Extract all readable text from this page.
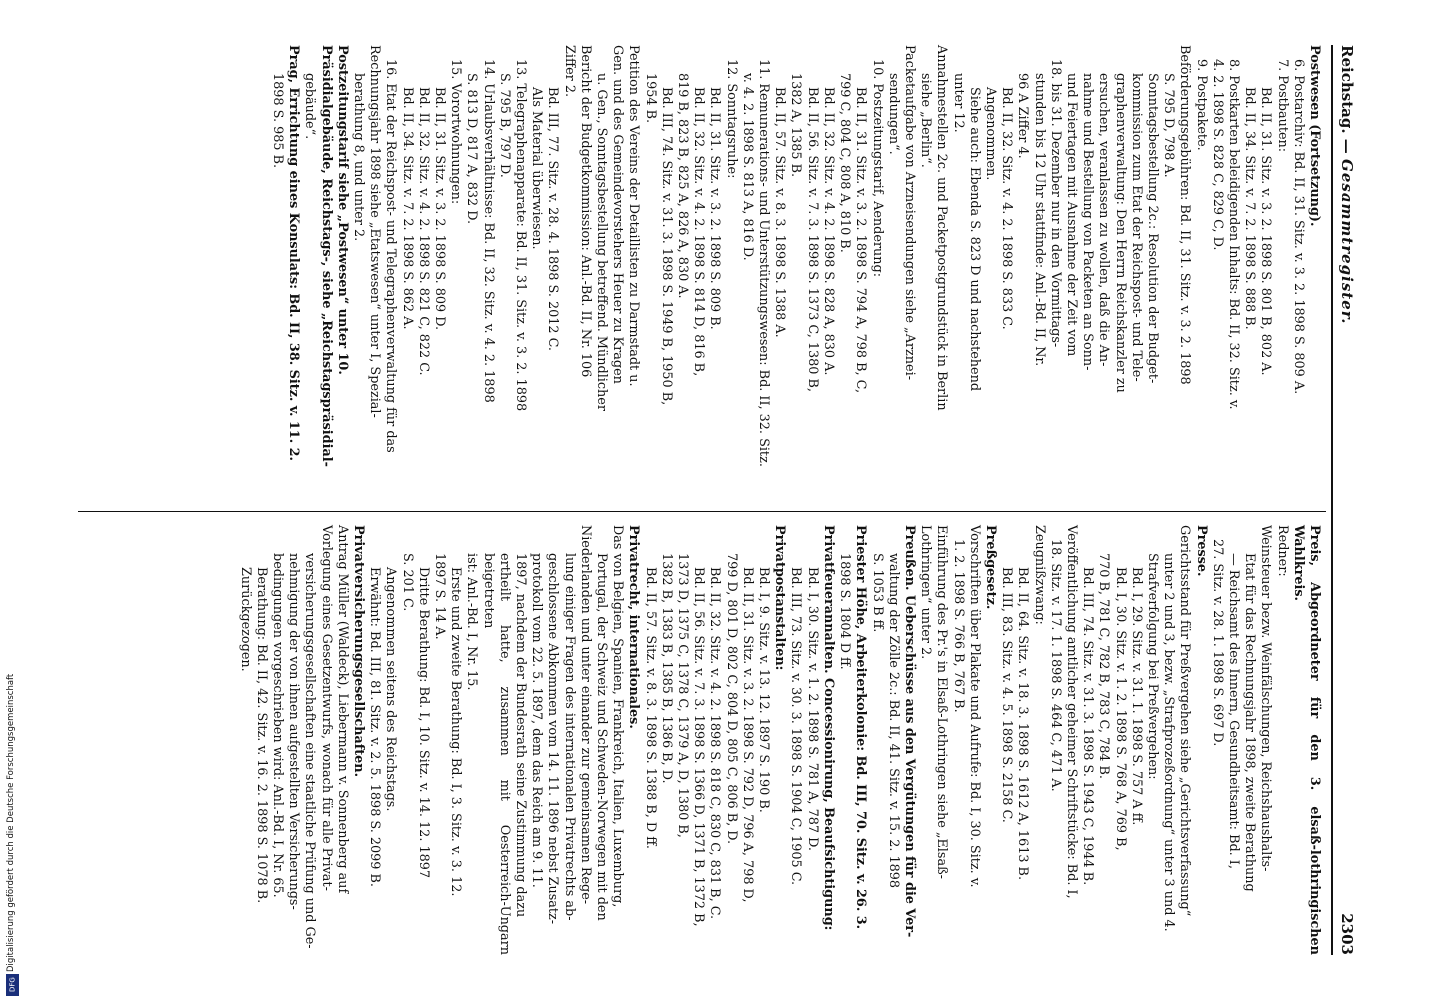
Reichstag. — Gesammtregister.
2303
Postwesen (Fortsetzung).
6. Postarchiv: Bd. II, 31. Sitz. v. 3. 2. 1898 S. 809 A.
7. Postbauten:
Bd. II, 31. Sitz. v. 3. 2. 1898 S. 801 B, 802 A.
Bd. II, 34. Sitz. v. 7. 2. 1898 S. 888 B.
8. Postkarten beleidigenden Inhalts: Bd. II, 32. Sitz. v.
4. 2. 1898 S. 828 C, 829 C, D.
9. Postpakete.
Beförderungsgebühren: Bd. II, 31. Sitz. v. 3. 2. 1898
S. 795 D, 798 A.
Sonntagsbestellung 2c.: Resolution der Budget-
kommission zum Etat der Reichspost- und Tele-
graphenverwaltung: Den Herrn Reichskanzler zu
ersuchen, veranlassen zu wollen, daß die An-
nahme und Bestellung von Packeten an Sonn-
und Feiertagen mit Ausnahme der Zeit vom
18. bis 31. Dezember nur in den Vormittags-
stunden bis 12 Uhr stattfinde: Anl.-Bd. II, Nr.
96 A Ziffer 4.
Bd. II, 32. Sitz. v. 4. 2. 1898 S. 833 C.
Angenommen.
Siehe auch: Ebenda S. 823 D und nachstehend
unter 12.
Annahmestellen 2c. und Packetpostgrundstück in Berlin
siehe „Berlin“.
Packetaufgabe von Arzneisendungen siehe „Arznei-
sendungen“.
10. Postzeitungstarif, Aenderung:
Bd. II, 31. Sitz. v. 3. 2. 1898 S. 794 A, 798 B, C,
799 C, 804 C, 808 A, 810 B.
Bd. II, 32. Sitz. v. 4. 2. 1898 S. 828 A, 830 A.
Bd. II, 56. Sitz. v. 7. 3. 1898 S. 1373 C, 1380 B,
1382 A, 1385 B.
Bd. II, 57. Sitz. v. 8. 3. 1898 S. 1388 A.
11. Remunerations- und Unterstützungswesen: Bd. II, 32. Sitz.
v. 4. 2. 1898 S. 813 A, 816 D.
12. Sonntagsruhe:
Bd. II, 31. Sitz. v. 3. 2. 1898 S. 809 B.
Bd. II, 32. Sitz. v. 4. 2. 1898 S. 814 D, 816 B,
819 B, 823 B, 825 A, 826 A, 830 A.
Bd. III, 74. Sitz. v. 31. 3. 1898 S. 1949 B, 1950 B,
1954 B.
Petition des Vereins der Detaillisten zu Darmstadt u.
Gen. und des Gemeindevorstehers Heuer zu Kragen
u. Gen., Sonntagsbestellung betreffend. Mündlicher
Bericht der Budgetkommission: Anl.-Bd. II, Nr. 106
Ziffer 2.
Bd. III, 77. Sitz. v. 28. 4. 1898 S. 2012 C.
Als Material überwiesen.
13. Telegraphenapparate: Bd. II, 31. Sitz. v. 3. 2. 1898
S. 795 B, 797 D.
14. Urlaubsverhältnisse: Bd. II, 32. Sitz. v. 4. 2. 1898
S. 813 D, 817 A, 832 D.
15. Vorortwohnungen:
Bd. II, 31. Sitz. v. 3. 2. 1898 S. 809 D.
Bd. II, 32. Sitz. v. 4. 2. 1898 S. 821 C, 822 C.
Bd. II, 34. Sitz. v. 7. 2. 1898 S. 862 A.
16. Etat der Reichspost- und Telegraphenverwaltung für das
Rechnungsjahr 1898 siehe „Etatswesen“ unter I, Spezial-
berathung 8, und unter 2.
Postzeitungstarif siehe „Postwesen“ unter 10.
Präsidialgebäude, Reichstags-, siehe „Reichstagspräsidial-
gebäude“.
Prag, Errichtung eines Konsulats: Bd. II, 38. Sitz. v. 11. 2.
1898 S. 985 B.
Preis, Abgeordneter für den 3. elsaß-lothringischen Wahlkreis.
Redner:
Weinsteuer bezw. Weinfälschungen, Reichshaushalts-
Etat für das Rechnungsjahr 1898, zweite Berathung
— Reichsamt des Innern, Gesundheitsamt: Bd. I,
27. Sitz. v. 28. 1. 1898 S. 697 D.
Presse.
Gerichtsstand für Preßvergehen siehe „Gerichtsverfassung“
unter 2 und 3, bezw. „Strafprozeßordnung“ unter 3 und 4.
Strafverfolgung bei Preßvergehen:
Bd. I, 29. Sitz. v. 31. 1. 1898 S. 757 A ff.
Bd. I, 30. Sitz. v. 1. 2. 1898 S. 768 A, 769 B,
770 B, 781 C, 782 B, 783 C, 784 B.
Bd. III, 74. Sitz. v. 31. 3. 1898 S. 1943 C, 1944 B.
Veröffentlichung amtlicher geheimer Schriftstücke: Bd. I,
18. Sitz. v. 17. 1. 1898 S. 464 C, 471 A.
Zeugnißzwang:
Bd. II, 64. Sitz. v. 18. 3. 1898 S. 1612 A, 1613 B.
Bd. III, 83. Sitz. v. 4. 5. 1898 S. 2158 C.
Preßgesetz.
Vorschriften über Plakate und Aufrufe: Bd. I, 30. Sitz. v.
1. 2. 1898 S. 766 B, 767 B.
Einführung des Pr.'s in Elsaß-Lothringen siehe „Elsaß-
Lothringen“ unter 2.
Preußen. Ueberschüsse aus den Vergütungen für die Ver-
waltung der Zölle 2c.: Bd. II, 41. Sitz. v. 15. 2. 1898
S. 1053 B ff.
Priester Höhe, Arbeiterkolonie: Bd. III, 70. Sitz. v. 26. 3.
1898 S. 1804 D ff.
Privatfeuerannalten. Concessionirung, Beaufsichtigung:
Bd. I, 30. Sitz. v. 1. 2. 1898 S. 781 A, 787 D.
Bd. III, 73. Sitz. v. 30. 3. 1898 S. 1904 C, 1905 C.
Privatpostanstalten:
Bd. I, 9. Sitz. v. 13. 12. 1897 S. 190 B.
Bd. II, 31. Sitz. v. 3. 2. 1898 S. 792 D, 796 A, 798 D,
799 D, 801 D, 802 C, 804 D, 805 C, 806 B, D.
Bd. II, 32. Sitz. v. 4. 2. 1898 S. 818 C, 830 C, 831 B, C.
Bd. II, 56. Sitz. v. 7. 3. 1898 S. 1366 D, 1371 B, 1372 B,
1373 D, 1375 C, 1378 C, 1379 A, D, 1380 B,
1382 B, 1383 B, 1385 B, 1386 B, D.
Bd. II, 57. Sitz. v. 8. 3. 1898 S. 1388 B, D ff.
Privatrecht, internationales.
Das von Belgien, Spanien, Frankreich, Italien, Luxemburg,
Portugal, der Schweiz und Schweden-Norwegen mit den
Niederlanden und unter einander zur gemeinsamen Rege-
lung einiger Fragen des internationalen Privatrechts ab-
geschlossene Abkommen vom 14. 11. 1896 nebst Zusatz-
protokoll vom 22. 5. 1897, dem das Reich am 9. 11.
1897, nachdem der Bundesrath seine Zustimmung dazu
ertheilt hatte, zusammen mit Oesterreich-Ungarn beigetreten
ist: Anl.-Bd. I, Nr. 15.
Erste und zweite Berathung: Bd. I, 3. Sitz. v. 3. 12.
1897 S. 14 A.
Dritte Berathung: Bd. I, 10. Sitz. v. 14. 12. 1897
S. 201 C.
Angenommen seitens des Reichstags.
Erwähnt: Bd. III, 81. Sitz. v. 2. 5. 1898 S. 2099 B.
Privatversicherungsgesellschaften.
Antrag Müller (Waldeck), Liebermann v. Sonnenberg auf
Vorlegung eines Gesetzentwurfs, wonach für alle Privat-
versicherungsgesellschaften eine staatliche Prüfung und Ge-
nehmigung der von ihnen aufgestellten Versicherungs-
bedingungen vorgeschrieben wird: Anl.-Bd. I, Nr. 65.
Berathung: Bd. II, 42. Sitz. v. 16. 2. 1898 S. 1078 B.
Zurückgezogen.
Digitalisierung gefördert durch die Deutsche Forschungsgemeinschaft
DFG
